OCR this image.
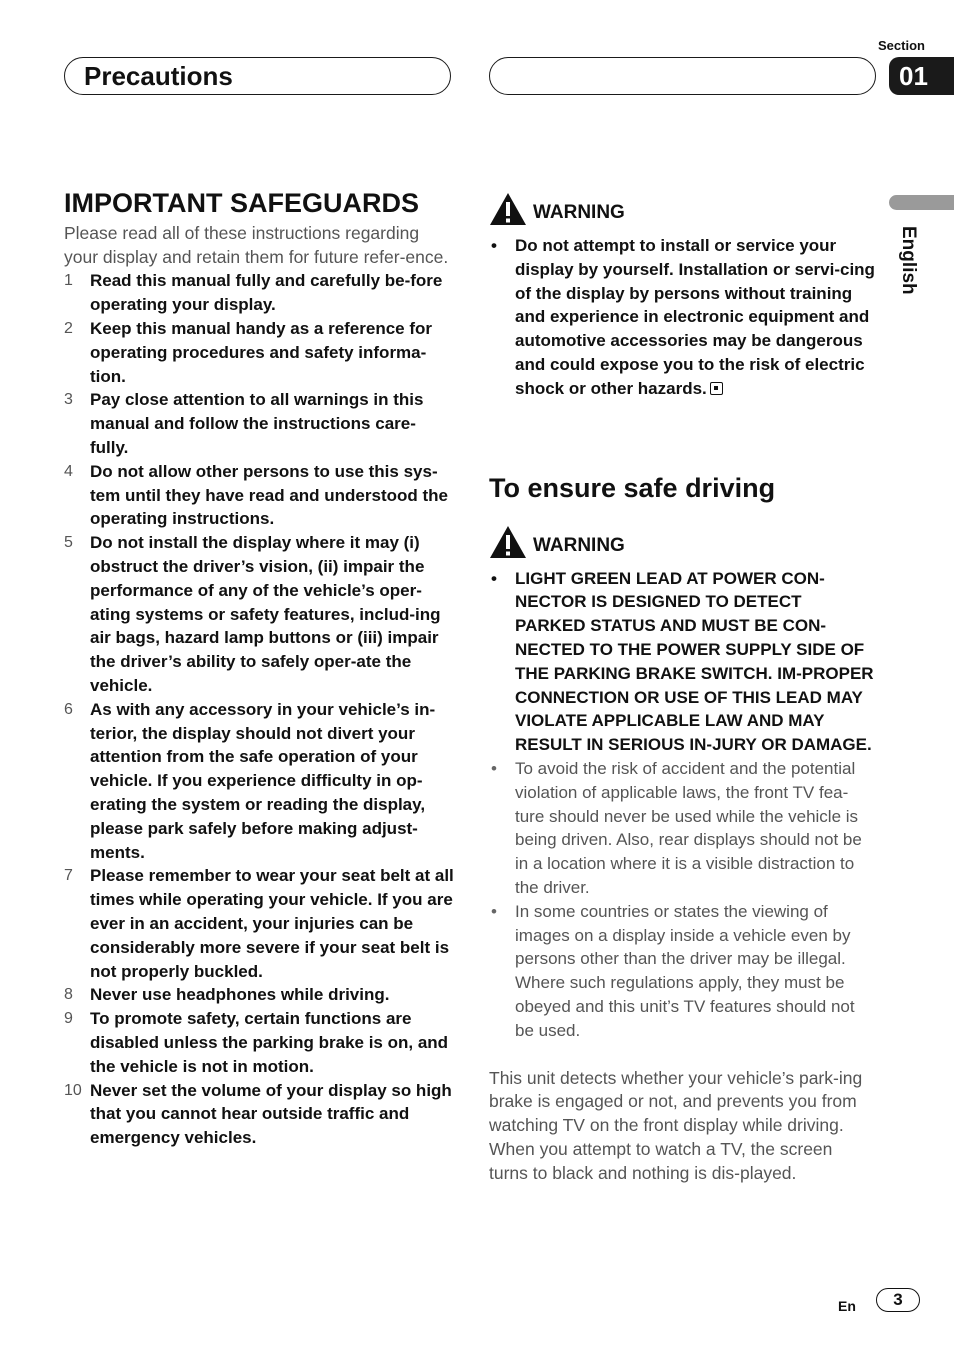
Precautions
Section
01
English
IMPORTANT SAFEGUARDS

Please read all of these instructions regarding your display and retain them for future refer-ence.

1	Read this manual fully and carefully be-fore operating your display.
2	Keep this manual handy as a reference for operating procedures and safety informa-tion.
3	Pay close attention to all warnings in this manual and follow the instructions care-fully.
4	Do not allow other persons to use this sys-tem until they have read and understood the operating instructions.
5	Do not install the display where it may (i) obstruct the driver’s vision, (ii) impair the performance of any of the vehicle’s oper-ating systems or safety features, includ-ing air bags, hazard lamp buttons or (iii) impair the driver’s ability to safely oper-ate the vehicle.
6	As with any accessory in your vehicle’s in-terior, the display should not divert your attention from the safe operation of your vehicle. If you experience difficulty in op-erating the system or reading the display, please park safely before making adjust-ments.
7	Please remember to wear your seat belt at all times while operating your vehicle. If you are ever in an accident, your injuries can be considerably more severe if your seat belt is not properly buckled.
8	Never use headphones while driving.
9	To promote safety, certain functions are disabled unless the parking brake is on, and the vehicle is not in motion.
10 Never set the volume of your display so high that you cannot hear outside traffic and emergency vehicles.
WARNING
• Do not attempt to install or service your display by yourself. Installation or servi-cing of the display by persons without training and experience in electronic equipment and automotive accessories may be dangerous and could expose you to the risk of electric shock or other hazards.
To ensure safe driving
WARNING
• LIGHT GREEN LEAD AT POWER CON-NECTOR IS DESIGNED TO DETECT PARKED STATUS AND MUST BE CON-NECTED TO THE POWER SUPPLY SIDE OF THE PARKING BRAKE SWITCH. IM-PROPER CONNECTION OR USE OF THIS LEAD MAY VIOLATE APPLICABLE LAW AND MAY RESULT IN SERIOUS IN-JURY OR DAMAGE.
• To avoid the risk of accident and the potential violation of applicable laws, the front TV fea-ture should never be used while the vehicle is being driven. Also, rear displays should not be in a location where it is a visible distraction to the driver.
• In some countries or states the viewing of images on a display inside a vehicle even by persons other than the driver may be illegal. Where such regulations apply, they must be obeyed and this unit’s TV features should not be used.

This unit detects whether your vehicle’s park-ing brake is engaged or not, and prevents you from watching TV on the front display while driving. When you attempt to watch a TV, the screen turns to black and nothing is dis-played.

En	3
